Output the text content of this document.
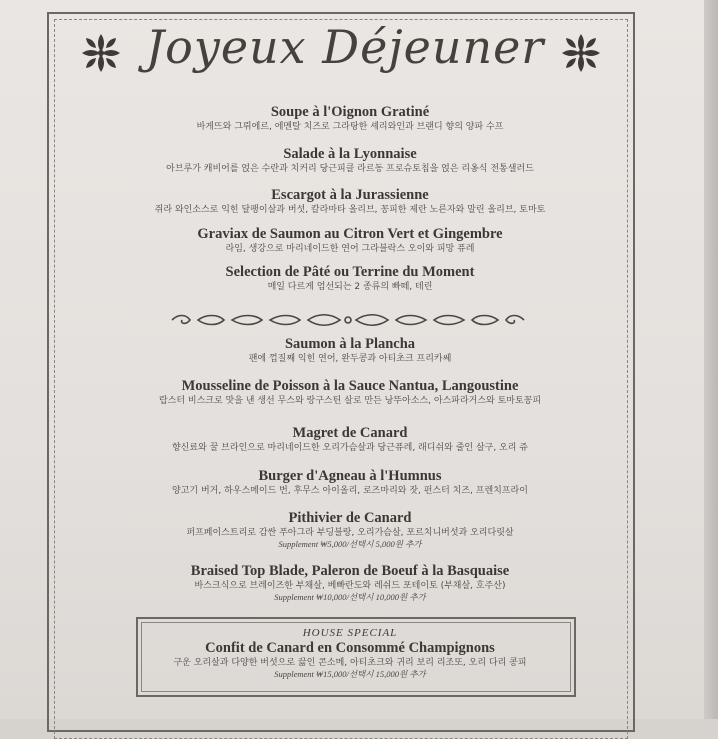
Joyeux Déjeuner
Soupe à l'Oignon Gratiné
바게뜨와 그뤼에르, 에멘탈 치즈로 그라탕한 셰리와인과 브랜디 향의 양파 수프
Salade à la Lyonnaise
아브루가 캐비어를 얹은 수란과 치커리 당근피클 라르동 프로슈토칩을 얹은 리옹식 전통샐러드
Escargot à la Jurassienne
쥐라 와인소스로 익힌 달팽이살과 버섯, 칼라마타 올리브, 꽁피한 제란 노른자와 말린 올리브, 토마토
Graviax de Saumon au Citron Vert et Gingembre
라임, 생강으로 마리네이드한 연어 그라블락스 오이와 피망 퓨레
Selection de Pâté ou Terrine du Moment
매일 다르게 엄선되는 2 종류의 빠떼, 테린
Saumon à la Plancha
팬에 껍질째 익힌 연어, 완두콩과 아티초크 프리카쎄
Mousseline de Poisson à la Sauce Nantua, Langoustine
랍스터 비스크로 맛을 낸 생선 무스와 랑구스틴 살로 만든 낭뚜아소스, 아스파라거스와 토마토꽁피
Magret de Canard
향신료와 꿀 브라인으로 마리네이드한 오리가슴살과 당근퓨레, 래디쉬와 줄인 살구, 오리 쥬
Burger d'Agneau à l'Humnus
양고기 버거, 하우스메이드 번, 후무스 아이올리, 로즈마리와 잣, 펀스터 치즈, 프렌치프라이
Pithivier de Canard
퍼프페이스트리로 감싼 푸아그라 부딩블랑, 오리가슴살, 포르치니버섯과 오리다릿살
Supplement ₩5,000/선택시 5,000원 추가
Braised Top Blade, Paleron de Boeuf à la Basquaise
바스크식으로 브레이즈한 부채살, 베빠란도와 레쉬드 포테이토 (부채살, 호주산)
Supplement ₩10,000/선택시 10,000원 추가
HOUSE SPECIAL
Confit de Canard en Consommé Champignons
구운 오리살과 다양한 버섯으로 끓인 콘소메, 아티초크와 귀리 보리 리조또, 오리 다리 콩피
Supplement ₩15,000/선택시 15,000원 추가
